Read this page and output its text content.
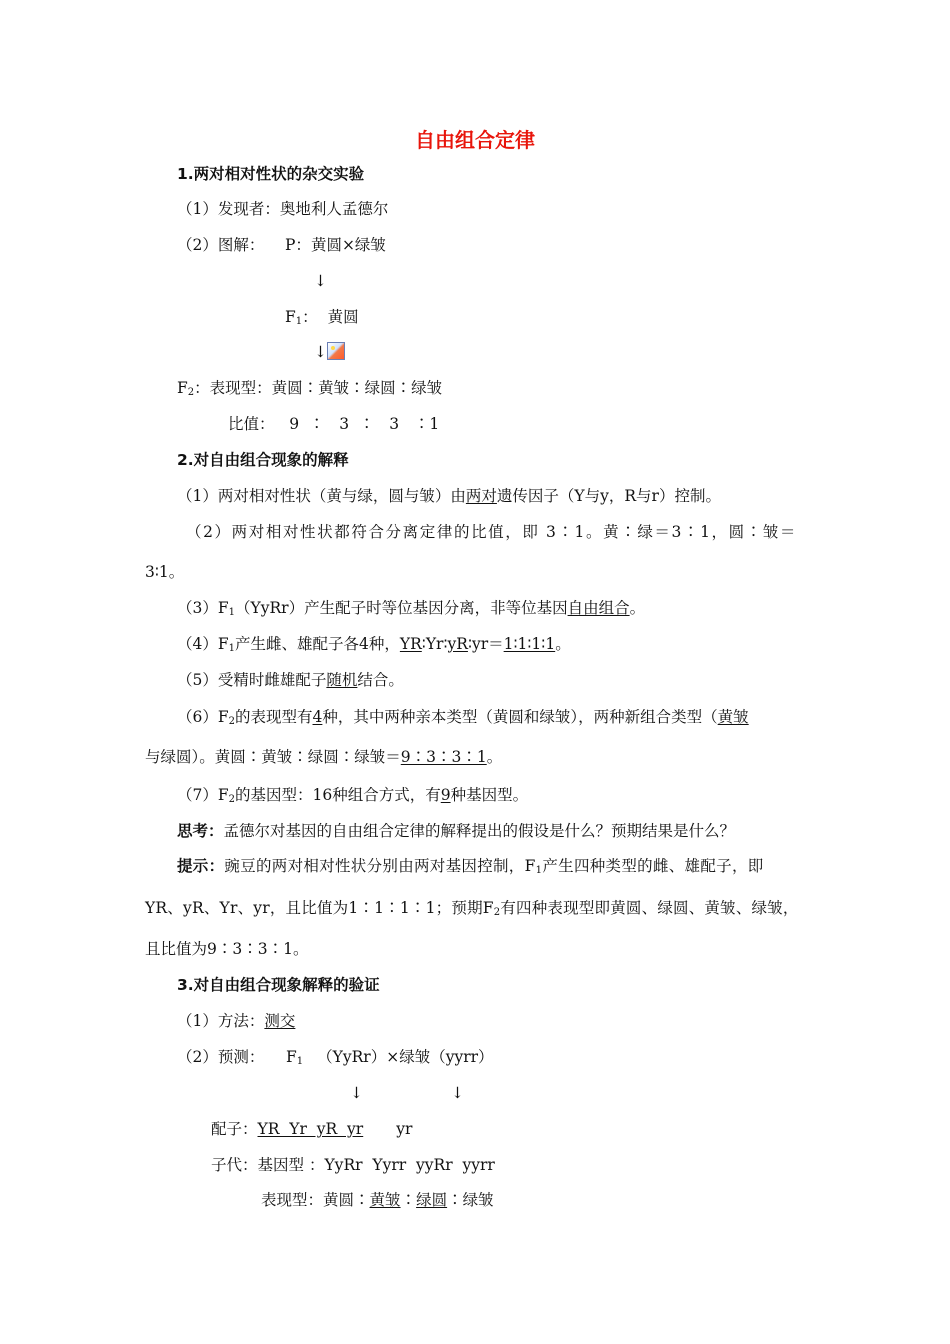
自由组合定律
1.两对相对性状的杂交实验
（1）发现者：奥地利人孟德尔
（2）图解： P：黄圆×绿皱
↓
$F_1$： 黄圆
↓
$F_2$：表现型：黄圆∶黄皱∶绿圆∶绿皱
比值：   9  ∶   3  ∶   3   ∶1
2.对自由组合现象的解释
（1）两对相对性状（黄与绿，圆与皱）由两对遗传因子（Y与y，R与r）控制。
（2）两对相对性状都符合分离定律的比值，即 3∶1。黄∶绿＝3∶1，圆∶皱＝
3∶1。
$(3)F_1(YyRr)$产生配子时等位基因分离，非等位基因自由组合。
$(4)F_1$产生雌、雄配子各4种，YR∶Yr∶yR∶yr＝1∶1∶1∶1。
（5）受精时雌雄配子随机结合。
$(6)F_2$的表现型有4种，其中两种亲本类型（黄圆和绿皱），两种新组合类型（黄皱
与绿圆）。黄圆∶黄皱∶绿圆∶绿皱＝9∶3∶3∶1。
$(7)F_2$的基因型：16种组合方式，有9种基因型。
思考：孟德尔对基因的自由组合定律的解释提出的假设是什么？预期结果是什么？
提示：豌豆的两对相对性状分别由两对基因控制，$F_1$产生四种类型的雌、雄配子，即
YR、yR、Yr、yr，且比值为1∶1∶1∶1；预期$F_2$有四种表现型即黄圆、绿圆、黄皱、绿皱，
且比值为9∶3∶3∶1。
3.对自由组合现象解释的验证
（1）方法：测交
（2）预测： $F_1$ （YyRr）×绿皱（yyrr）
↓	↓
配子：YR  Yr  yR  yr yr
子代：基因型 ：YyRr  Yyrr  yyRr  yyrr
表现型：黄圆∶黄皱∶绿圆∶绿皱
